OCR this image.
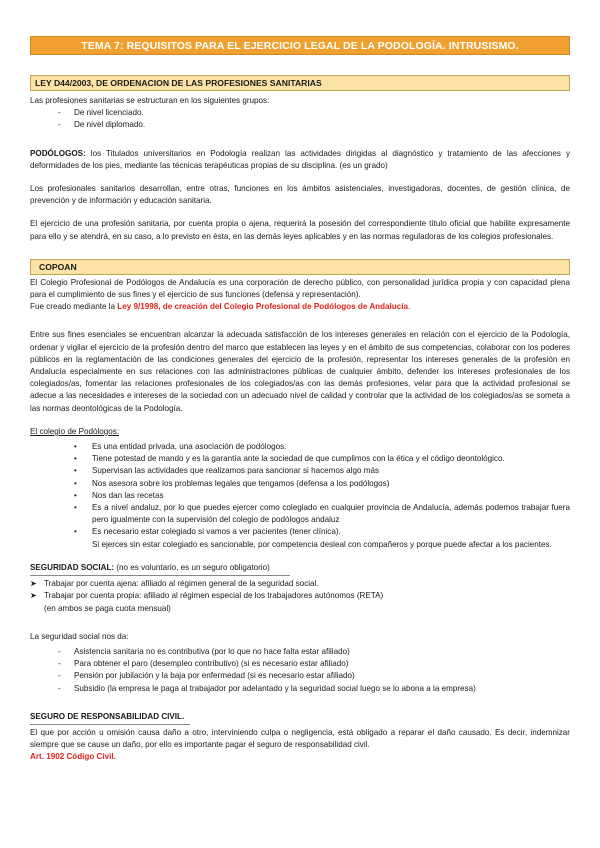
TEMA 7: REQUISITOS PARA EL EJERCICIO LEGAL DE LA PODOLOGÍA. INTRUSISMO.
LEY D44/2003, DE ORDENACION DE LAS PROFESIONES SANITARIAS

Las profesiones sanitarias se estructuran en los siguientes grupos:

- De nivel licenciado.
- De nivel diplomado.

PODÓLOGOS: los Titulados universitarios en Podología realizan las actividades dirigidas al diagnóstico y tratamiento de las afecciones y deformidades de los pies, mediante las técnicas terapéuticas propias de su disciplina. (es un grado)

Los profesionales sanitarios desarrollan, entre otras, funciones en los ámbitos asistenciales, investigadoras, docentes, de gestión clínica, de prevención y de información y educación sanitaria.

El ejercicio de una profesión sanitaria, por cuenta propia o ajena, requerirá la posesión del correspondiente título oficial que habilite expresamente para ello y se atendrá, en su caso, a lo previsto en ésta, en las demás leyes aplicables y en las normas reguladoras de los colegios profesionales.

COPOAN

El Colegio Profesional de Podólogos de Andalucía es una corporación de derecho público, con personalidad jurídica propia y con capacidad plena para el cumplimiento de sus fines y el ejercicio de sus funciones (defensa y representación).

Fue creado mediante la Ley 9/1998, de creación del Colegio Profesional de Podólogos de Andalucía.

Entre sus fines esenciales se encuentran alcanzar la adecuada satisfacción de los intereses generales en relación con el ejercicio de la Podología, ordenar y vigilar el ejercicio de la profesión dentro del marco que establecen las leyes y en el ámbito de sus competencias, colaborar con los poderes públicos en la reglamentación de las condiciones generales del ejercicio de la profesión, representar los intereses generales de la profesión en Andalucía especialmente en sus relaciones con las administraciones públicas de cualquier ámbito, defender los intereses profesionales de los colegiados/as, fomentar las relaciones profesionales de los colegiados/as con las demás profesiones, velar para que la actividad profesional se adecue a las necesidades e intereses de la sociedad con un adecuado nivel de calidad y controlar que la actividad de los colegiados/as se someta a las normas deontológicas de la Podología.

El colegio de Podólogos:

• Es una entidad privada, una asociación de podólogos.
• Tiene potestad de mando y es la garantía ante la sociedad de que cumplimos con la ética y el código deontológico.
• Supervisan las actividades que realizamos para sancionar si hacemos algo más
• Nos asesora sobre los problemas legales que tengamos (defensa a los podólogos)
• Nos dan las recetas
• Es a nivel andaluz, por lo que puedes ejercer como colegiado en cualquier provincia de Andalucía, además podemos trabajar fuera pero igualmente con la supervisión del colegio de podólogos andaluz
• Es necesario estar colegiado si vamos a ver pacientes (tener clínica).

Si ejerces sin estar colegiado es sancionable, por competencia desleal con compañeros y porque puede afectar a los pacientes.

SEGURIDAD SOCIAL: (no es voluntario, es un seguro obligatorio)

➤ Trabajar por cuenta ajena: afiliado al régimen general de la seguridad social.
➤ Trabajar por cuenta propia: afiliado al régimen especial de los trabajadores autónomos (RETA)

(en ambos se paga cuota mensual)

La seguridad social nos da:

- Asistencia sanitaria no es contributiva (por lo que no hace falta estar afiliado)
- Para obtener el paro (desempleo contributivo) (si es necesario estar afiliado)
- Pensión por jubilación y la baja por enfermedad (si es necesario estar afiliado)
- Subsidio (la empresa le paga al trabajador por adelantado y la seguridad social luego se lo abona a la empresa)

SEGURO DE RESPONSABILIDAD CIVIL.

El que por acción u omisión causa daño a otro, interviniendo culpa o negligencia, está obligado a reparar el daño causado. Es decir, indemnizar siempre que se cause un daño, por ello es importante pagar el seguro de responsabilidad civil.

Art. 1902 Código Civil.
